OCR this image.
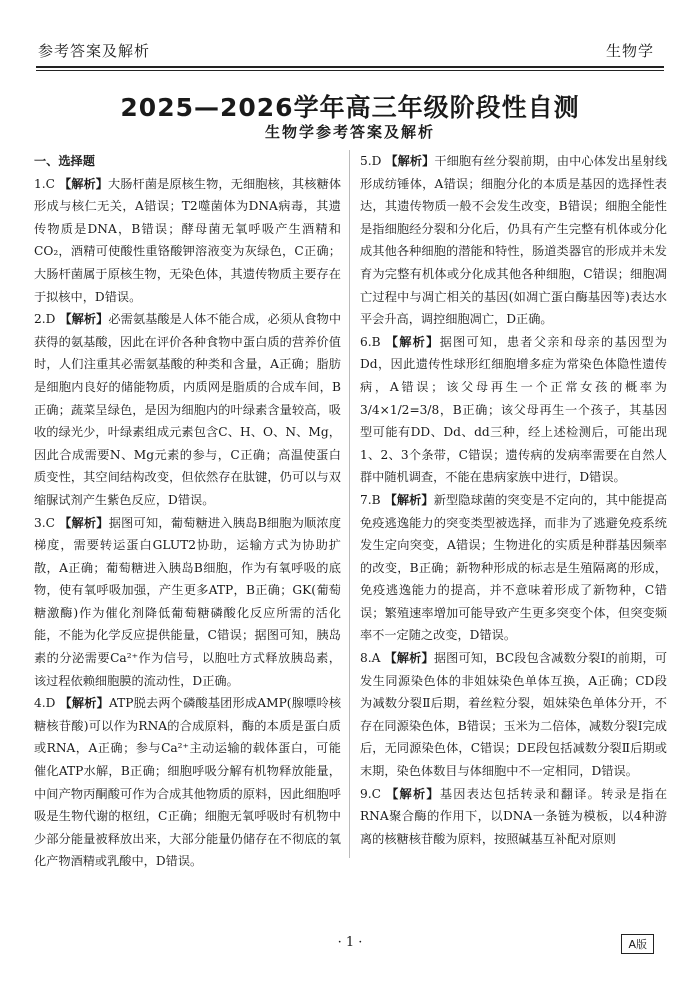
参考答案及解析	生物学
2025—2026学年高三年级阶段性自测
生物学参考答案及解析
一、选择题

1.C 【解析】大肠杆菌是原核生物，无细胞核，其核糖体形成与核仁无关，A错误；T2噬菌体为DNA病毒，其遗传物质是DNA，B错误；酵母菌无氧呼吸产生酒精和CO₂，酒精可使酸性重铬酸钾溶液变为灰绿色，C正确；大肠杆菌属于原核生物，无染色体，其遗传物质主要存在于拟核中，D错误。

2.D 【解析】必需氨基酸是人体不能合成，必须从食物中获得的氨基酸，因此在评价各种食物中蛋白质的营养价值时，人们注重其必需氨基酸的种类和含量，A正确；脂肪是细胞内良好的储能物质，内质网是脂质的合成车间，B正确；蔬菜呈绿色，是因为细胞内的叶绿素含量较高，吸收的绿光少，叶绿素组成元素包含C、H、O、N、Mg，因此合成需要N、Mg元素的参与，C正确；高温使蛋白质变性，其空间结构改变，但依然存在肽键，仍可以与双缩脲试剂产生紫色反应，D错误。

3.C 【解析】据图可知，葡萄糖进入胰岛B细胞为顺浓度梯度，需要转运蛋白GLUT2协助，运输方式为协助扩散，A正确；葡萄糖进入胰岛B细胞，作为有氧呼吸的底物，使有氧呼吸加强，产生更多ATP，B正确；GK(葡萄糖激酶)作为催化剂降低葡萄糖磷酸化反应所需的活化能，不能为化学反应提供能量，C错误；据图可知，胰岛素的分泌需要Ca²⁺作为信号，以胞吐方式释放胰岛素，该过程依赖细胞膜的流动性，D正确。

4.D 【解析】ATP脱去两个磷酸基团形成AMP(腺嘌呤核糖核苷酸)可以作为RNA的合成原料，酶的本质是蛋白质或RNA，A正确；参与Ca²⁺主动运输的载体蛋白，可能催化ATP水解，B正确；细胞呼吸分解有机物释放能量，中间产物丙酮酸可作为合成其他物质的原料，因此细胞呼吸是生物代谢的枢纽，C正确；细胞无氧呼吸时有机物中少部分能量被释放出来，大部分能量仍储存在不彻底的氧化产物酒精或乳酸中，D错误。

5.D 【解析】干细胞有丝分裂前期，由中心体发出星射线形成纺锤体，A错误；细胞分化的本质是基因的选择性表达，其遗传物质一般不会发生改变，B错误；细胞全能性是指细胞经分裂和分化后，仍具有产生完整有机体或分化成其他各种细胞的潜能和特性，肠道类器官的形成并未发育为完整有机体或分化成其他各种细胞，C错误；细胞凋亡过程中与凋亡相关的基因(如凋亡蛋白酶基因等)表达水平会升高，调控细胞凋亡，D正确。

6.B 【解析】据图可知，患者父亲和母亲的基因型为Dd，因此遗传性球形红细胞增多症为常染色体隐性遗传病，A错误；该父母再生一个正常女孩的概率为3/4×1/2=3/8，B正确；该父母再生一个孩子，其基因型可能有DD、Dd、dd三种，经上述检测后，可能出现1、2、3个条带，C错误；遗传病的发病率需要在自然人群中随机调查，不能在患病家族中进行，D错误。

7.B 【解析】新型隐球菌的突变是不定向的，其中能提高免疫逃逸能力的突变类型被选择，而非为了逃避免疫系统发生定向突变，A错误；生物进化的实质是种群基因频率的改变，B正确；新物种形成的标志是生殖隔离的形成，免疫逃逸能力的提高，并不意味着形成了新物种，C错误；繁殖速率增加可能导致产生更多突变个体，但突变频率不一定随之改变，D错误。

8.A 【解析】据图可知，BC段包含减数分裂Ⅰ的前期，可发生同源染色体的非姐妹染色单体互换，A正确；CD段为减数分裂Ⅱ后期，着丝粒分裂，姐妹染色单体分开，不存在同源染色体，B错误；玉米为二倍体，减数分裂Ⅰ完成后，无同源染色体，C错误；DE段包括减数分裂Ⅱ后期或末期，染色体数目与体细胞中不一定相同，D错误。

9.C 【解析】基因表达包括转录和翻译。转录是指在RNA聚合酶的作用下，以DNA一条链为模板，以4种游离的核糖核苷酸为原料，按照碱基互补配对原则

· 1 ·	A版
